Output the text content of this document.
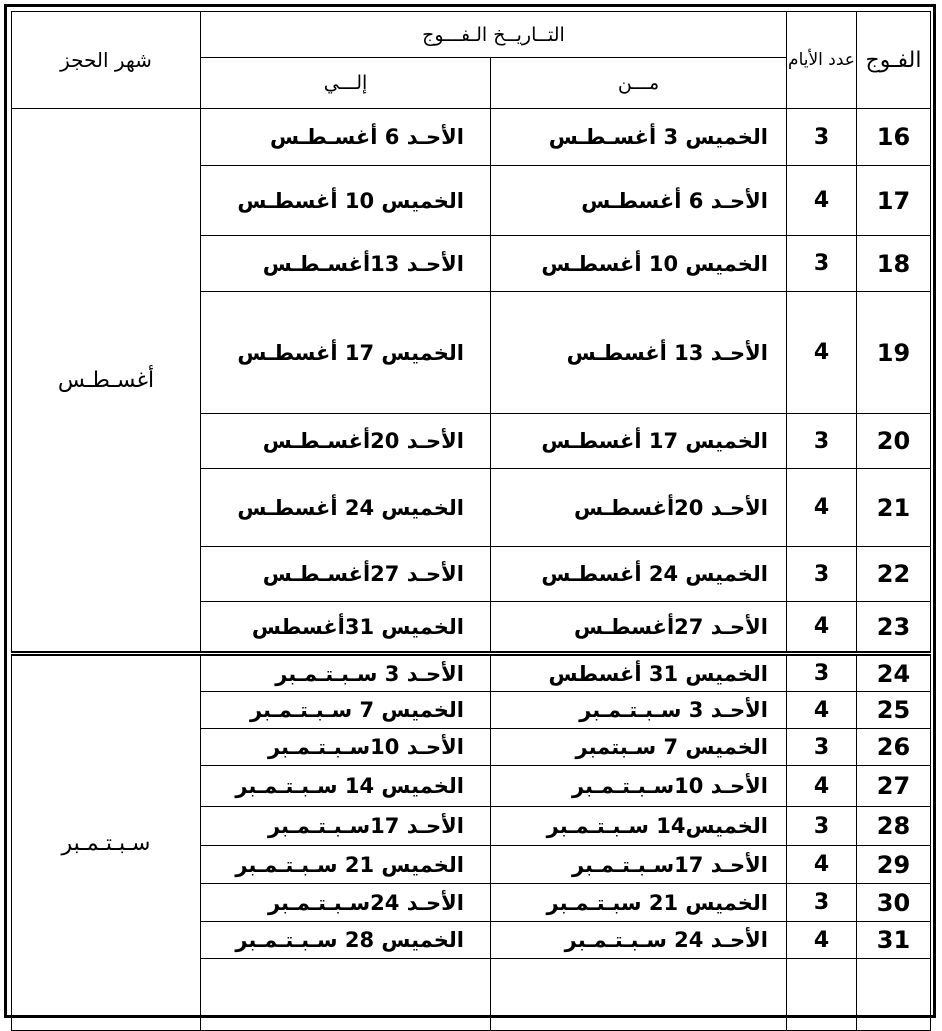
الفـوج	عدد الأيام	التــاريــخ الـفـــوج		شهر الحجز
		مـــن	إلـــي	
16	3	الخميس 3 أغسـطـس	الأحـد 6 أغسـطـس	أغسـطـس
17	4	الأحـد 6 أغسطـس	الخميس 10 أغسطـس	
18	3	الخميس 10 أغسطـس	الأحـد 13أغسـطـس	
19	4	الأحـد 13 أغسطـس	الخميس 17 أغسطـس	
20	3	الخميس 17 أغسطـس	الأحـد 20أغسـطـس	
21	4	الأحـد 20أغسطـس	الخميس 24 أغسطـس	
22	3	الخميس 24 أغسطـس	الأحـد 27أغسـطـس	
23	4	الأحـد 27أغسطـس	الخميس 31أغسطس	
24	3	الخميس 31 أغسطس	الأحـد 3 سـبـتـمـبر	سـبـتـمـبر
25	4	الأحـد 3 سـبـتـمـبر	الخميس 7 سـبـتـمـبر	
26	3	الخميس 7 سـبتمبر	الأحـد 10سـبـتـمـبر	
27	4	الأحـد 10سـبـتـمـبر	الخميس 14 سـبـتـمـبر	
28	3	الخميس14 سـبـتـمـبر	الأحـد 17سـبـتـمـبر	
29	4	الأحـد 17سـبـتـمـبر	الخميس 21 سـبـتـمـبر	
30	3	الخميس 21 سبـتـمـبر	الأحـد 24سـبـتـمـبر	
31	4	الأحـد 24 سـبـتـمـبر	الخميس 28 سـبـتـمـبر	
